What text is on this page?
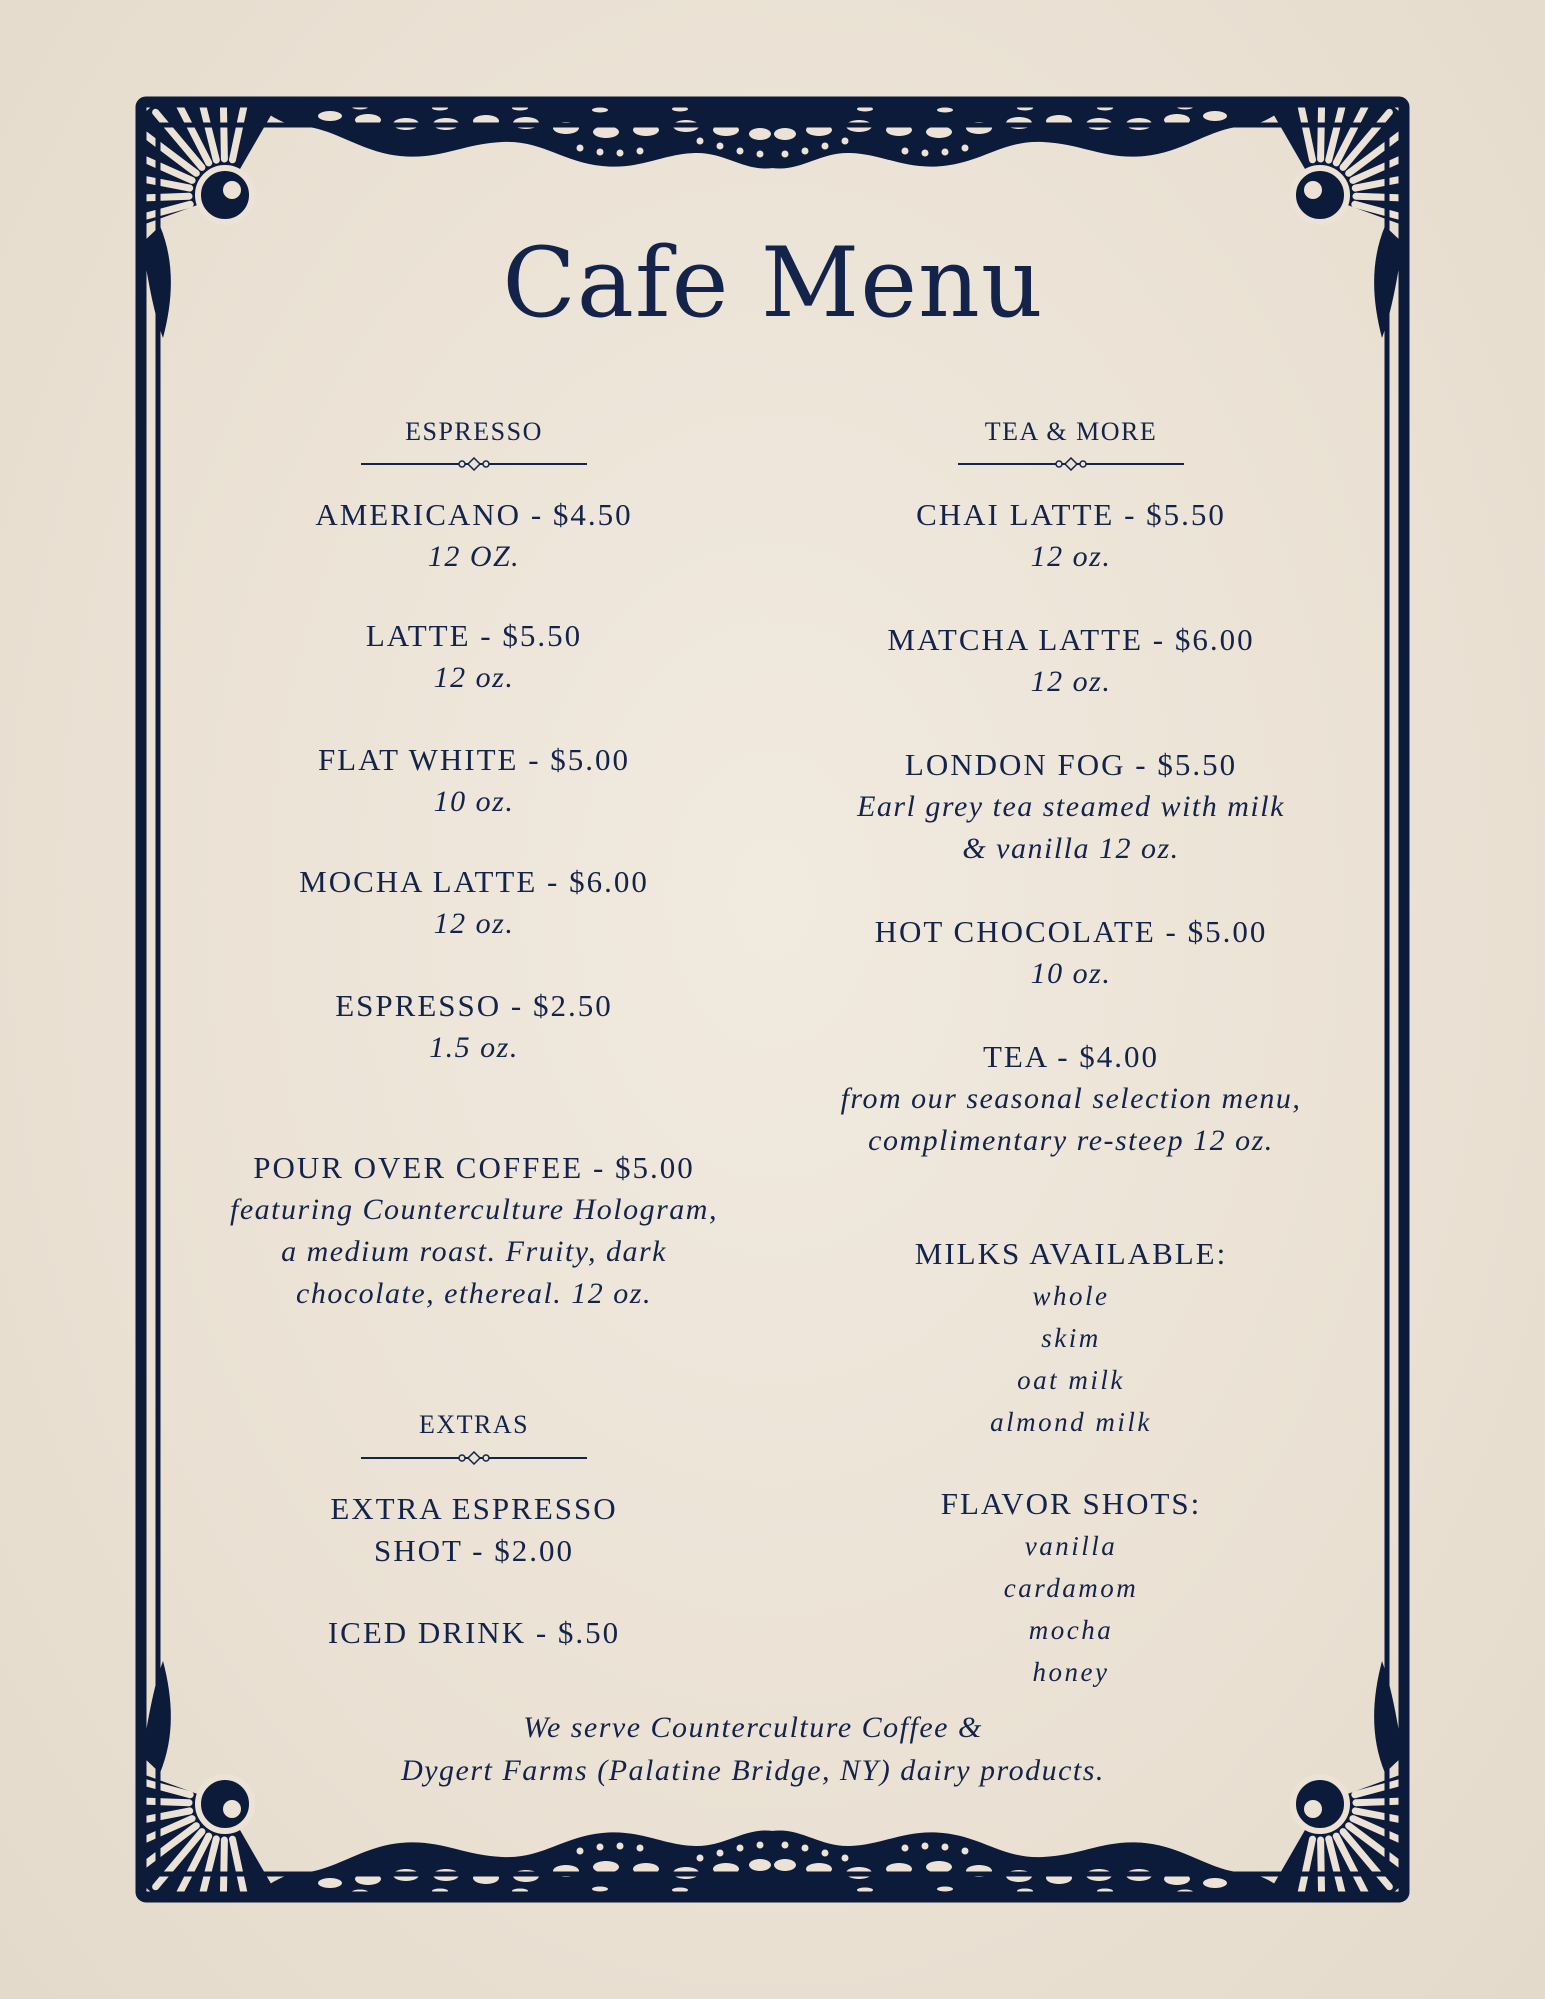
Cafe Menu
ESPRESSO
AMERICANO - $4.50
12 OZ.
LATTE - $5.50
12 oz.
FLAT WHITE - $5.00
10 oz.
MOCHA LATTE - $6.00
12 oz.
ESPRESSO - $2.50
1.5 oz.
POUR OVER COFFEE - $5.00
featuring Counterculture Hologram,
a medium roast. Fruity, dark
chocolate, ethereal. 12 oz.
EXTRAS
EXTRA ESPRESSO
SHOT - $2.00
ICED DRINK - $.50
TEA & MORE
CHAI LATTE - $5.50
12 oz.
MATCHA LATTE - $6.00
12 oz.
LONDON FOG - $5.50
Earl grey tea steamed with milk
& vanilla 12 oz.
HOT CHOCOLATE - $5.00
10 oz.
TEA - $4.00
from our seasonal selection menu,
complimentary re-steep 12 oz.
MILKS AVAILABLE:
whole
skim
oat milk
almond milk
FLAVOR SHOTS:
vanilla
cardamom
mocha
honey
We serve Counterculture Coffee &
Dygert Farms (Palatine Bridge, NY) dairy products.
